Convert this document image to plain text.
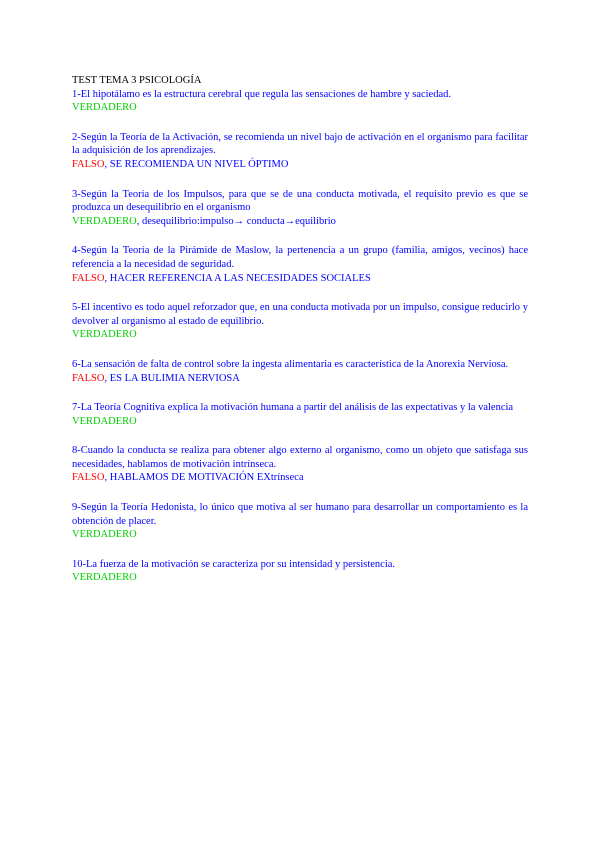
TEST TEMA 3 PSICOLOGÍA

1-El hipotálamo es la estructura cerebral que regula las sensaciones de hambre y saciedad.

VERDADERO

2-Según la Teoría de la Activación, se recomienda un nivel bajo de activación en el organismo para facilitar la adquisición de los aprendizajes.

FALSO, SE RECOMIENDA UN NIVEL ÓPTIMO

3-Según la Teoría de los Impulsos, para que se de una conducta motivada, el requisito previo es que se produzca un desequilibrio en el organismo

VERDADERO, desequilibrio:impulso→ conducta→equilibrio

4-Según la Teoría de la Pirámide de Maslow, la pertenencia a un grupo (familia, amigos, vecinos) hace referencia a la necesidad de seguridad.

FALSO, HACER REFERENCIA A LAS NECESIDADES SOCIALES

5-El incentivo es todo aquel reforzador que, en una conducta motivada por un impulso, consigue reducirlo y devolver al organismo al estado de equilibrio.

VERDADERO

6-La sensación de falta de control sobre la ingesta alimentaria es característica de la Anorexia Nerviosa.

FALSO, ES LA BULIMIA NERVIOSA

7-La Teoría Cognitiva explica la motivación humana a partir del análisis de las expectativas y la valencia

VERDADERO

8-Cuando la conducta se realiza para obtener algo externo al organismo, como un objeto que satisfaga sus necesidades, hablamos de motivación intrínseca.

FALSO, HABLAMOS DE MOTIVACIÓN EXtrínseca

9-Según la Teoría Hedonista, lo único que motiva al ser humano para desarrollar un comportamiento es la obtención de placer.

VERDADERO

10-La fuerza de la motivación se caracteriza por su intensidad y persistencia.

VERDADERO
